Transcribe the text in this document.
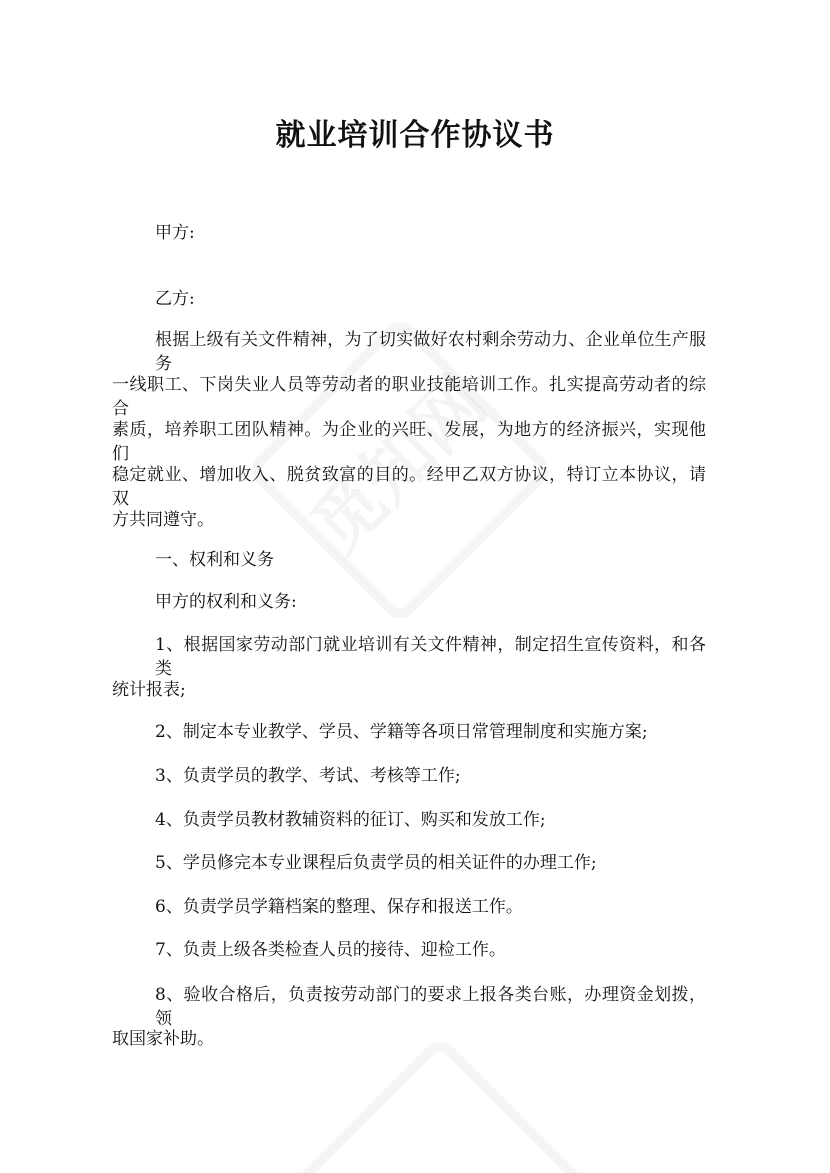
就业培训合作协议书
甲方:
乙方:
根据上级有关文件精神，为了切实做好农村剩余劳动力、企业单位生产服务
一线职工、下岗失业人员等劳动者的职业技能培训工作。扎实提高劳动者的综合
素质，培养职工团队精神。为企业的兴旺、发展，为地方的经济振兴，实现他们
稳定就业、增加收入、脱贫致富的目的。经甲乙双方协议，特订立本协议，请双
方共同遵守。
一、权利和义务
甲方的权利和义务:
1、根据国家劳动部门就业培训有关文件精神，制定招生宣传资料，和各类
统计报表;
2、制定本专业教学、学员、学籍等各项日常管理制度和实施方案;
3、负责学员的教学、考试、考核等工作;
4、负责学员教材教辅资料的征订、购买和发放工作;
5、学员修完本专业课程后负责学员的相关证件的办理工作;
6、负责学员学籍档案的整理、保存和报送工作。
7、负责上级各类检查人员的接待、迎检工作。
8、验收合格后，负责按劳动部门的要求上报各类台账，办理资金划拨，领
取国家补助。
